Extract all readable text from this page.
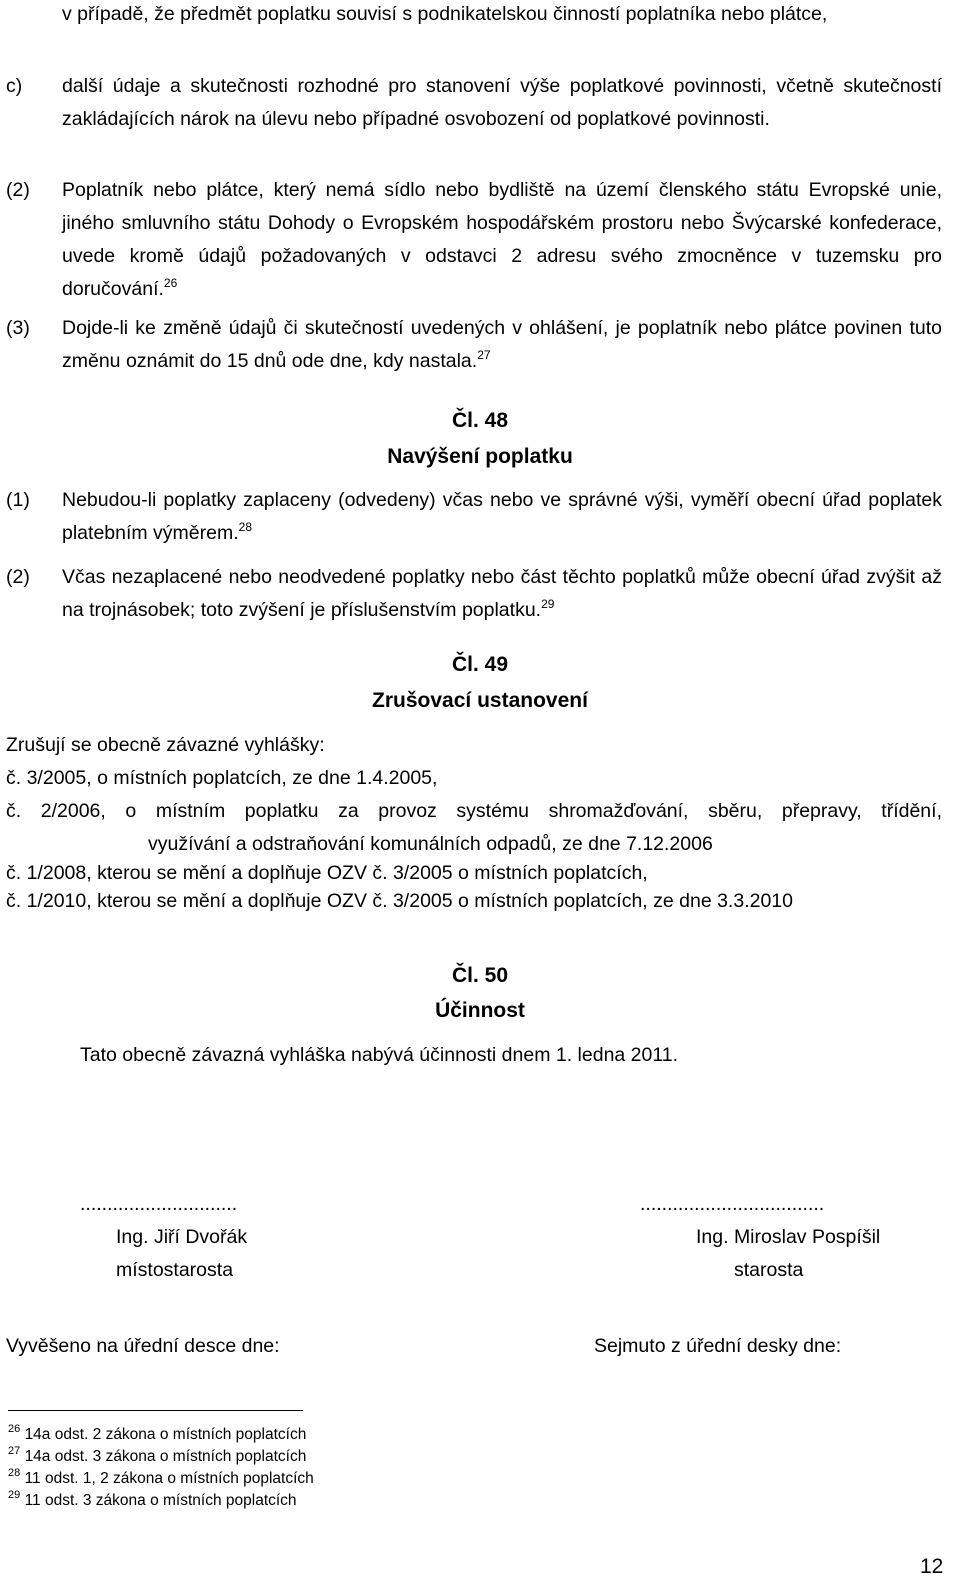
v případě, že předmět poplatku souvisí s podnikatelskou činností poplatníka nebo plátce,
c)	další údaje a skutečnosti rozhodné pro stanovení výše poplatkové povinnosti, včetně skutečností zakládajících nárok na úlevu nebo případné osvobození od poplatkové povinnosti.
(2)	Poplatník nebo plátce, který nemá sídlo nebo bydliště na území členského státu Evropské unie, jiného smluvního státu Dohody o Evropském hospodářském prostoru nebo Švýcarské konfederace, uvede kromě údajů požadovaných v odstavci 2 adresu svého zmocněnce v tuzemsku pro doručování.$^{26}$
(3)	Dojde-li ke změně údajů či skutečností uvedených v ohlášení, je poplatník nebo plátce povinen tuto změnu oznámit do 15 dnů ode dne, kdy nastala.$^{27}$
Čl. 48
Navýšení poplatku
(1)	Nebudou-li poplatky zaplaceny (odvedeny) včas nebo ve správné výši, vyměří obecní úřad poplatek platebním výměrem.$^{28}$
(2)	Včas nezaplacené nebo neodvedené poplatky nebo část těchto poplatků může obecní úřad zvýšit až na trojnásobek; toto zvýšení je příslušenstvím poplatku.$^{29}$
Čl. 49
Zrušovací ustanovení
Zrušují se obecně závazné vyhlášky:
č. 3/2005, o místních poplatcích, ze dne 1.4.2005,
č. 2/2006, o místním poplatku za provoz systému shromažďování, sběru, přepravy, třídění,
využívání a odstraňování komunálních odpadů, ze dne 7.12.2006
č. 1/2008, kterou se mění a doplňuje OZV č. 3/2005 o místních poplatcích,
č. 1/2010, kterou se mění a doplňuje OZV č. 3/2005 o místních poplatcích, ze dne 3.3.2010
Čl. 50
Účinnost
Tato obecně závazná vyhláška nabývá účinnosti dnem 1. ledna 2011.
.............................
Ing. Jiří Dvořák
místostarosta
..................................
Ing. Miroslav Pospíšil
starosta
Vyvěšeno na úřední desce dne:	Sejmuto z úřední desky dne:
$^{26}$ 14a odst. 2 zákona o místních poplatcích
$^{27}$ 14a odst. 3 zákona o místních poplatcích
$^{28}$ 11 odst. 1, 2 zákona o místních poplatcích
$^{29}$ 11 odst. 3 zákona o místních poplatcích
12
